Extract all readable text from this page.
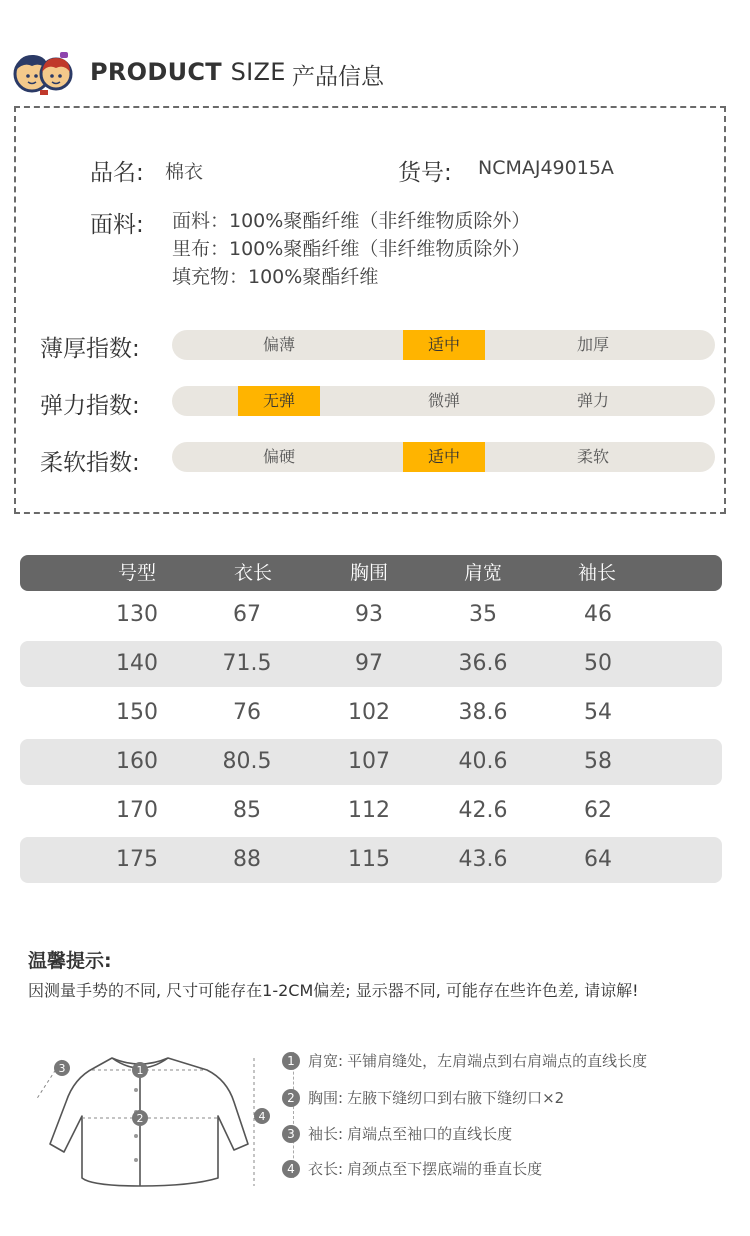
PRODUCT SIZE 产品信息
品名: 棉衣	货号: NCMAJ49015A
面料: 面料：100%聚酯纤维（非纤维物质除外）
里布：100%聚酯纤维（非纤维物质除外）
填充物：100%聚酯纤维
薄厚指数:	偏薄	适中	加厚
弹力指数:	无弹	微弹	弹力
柔软指数:	偏硬	适中	柔软
号型	衣长	胸围	肩宽	袖长
130	67	93	35	46
140	71.5	97	36.6	50
150	76	102	38.6	54
160	80.5	107	40.6	58
170	85	112	42.6	62
175	88	115	43.6	64
温馨提示:
因测量手势的不同, 尺寸可能存在1-2CM偏差; 显示器不同, 可能存在些许色差, 请谅解!
1
2
3
4
1 肩宽: 平铺肩缝处，左肩端点到右肩端点的直线长度
2 胸围: 左腋下缝纫口到右腋下缝纫口×2
3 袖长: 肩端点至袖口的直线长度
4 衣长: 肩颈点至下摆底端的垂直长度
